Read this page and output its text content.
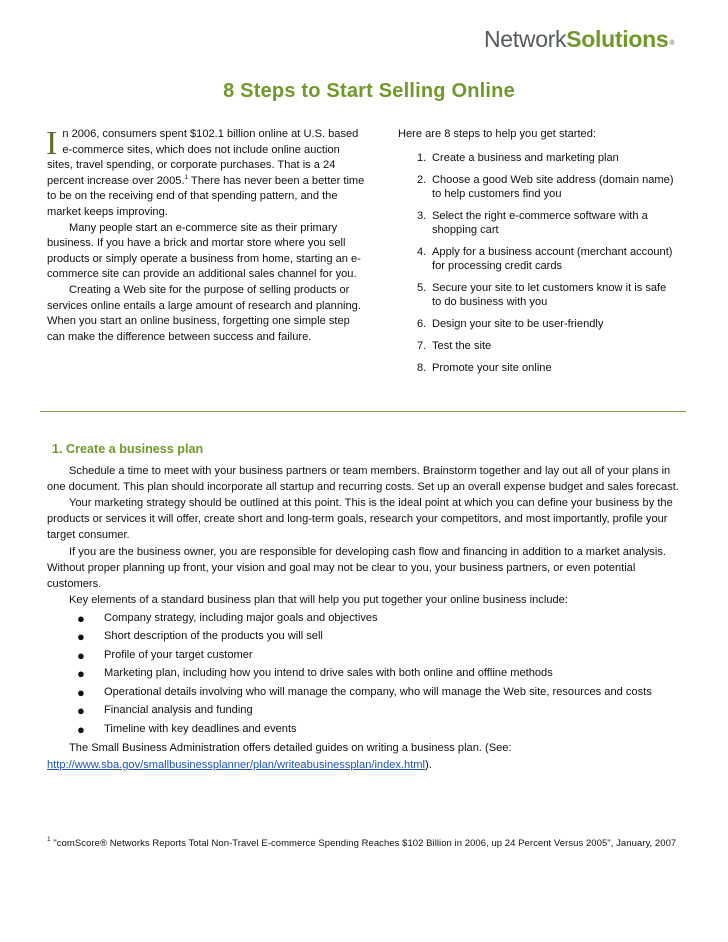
NetworkSolutions®
8 Steps to Start Selling Online

In 2006, consumers spent $102.1 billion online at U.S. based e-commerce sites, which does not include online auction sites, travel spending, or corporate purchases. That is a 24 percent increase over 2005.$^1$ There has never been a better time to be on the receiving end of that spending pattern, and the market keeps improving.

Many people start an e-commerce site as their primary business. If you have a brick and mortar store where you sell products or simply operate a business from home, starting an e-commerce site can provide an additional sales channel for you.

Creating a Web site for the purpose of selling products or services online entails a large amount of research and planning. When you start an online business, forgetting one simple step can make the difference between success and failure.

Here are 8 steps to help you get started:

1. Create a business and marketing plan
2. Choose a good Web site address (domain name) to help customers find you
3. Select the right e-commerce software with a shopping cart
4. Apply for a business account (merchant account) for processing credit cards
5. Secure your site to let customers know it is safe to do business with you
6. Design your site to be user-friendly
7. Test the site
8. Promote your site online
1. Create a business plan

Schedule a time to meet with your business partners or team members. Brainstorm together and lay out all of your plans in one document. This plan should incorporate all startup and recurring costs. Set up an overall expense budget and sales forecast.

Your marketing strategy should be outlined at this point. This is the ideal point at which you can define your business by the products or services it will offer, create short and long-term goals, research your competitors, and most importantly, profile your target consumer.

If you are the business owner, you are responsible for developing cash flow and financing in addition to a market analysis. Without proper planning up front, your vision and goal may not be clear to you, your business partners, or even potential customers.

Key elements of a standard business plan that will help you put together your online business include:

● Company strategy, including major goals and objectives
● Short description of the products you will sell
● Profile of your target customer
● Marketing plan, including how you intend to drive sales with both online and offline methods
● Operational details involving who will manage the company, who will manage the Web site, resources and costs
● Financial analysis and funding
● Timeline with key deadlines and events

The Small Business Administration offers detailed guides on writing a business plan. (See: http://www.sba.gov/smallbusinessplanner/plan/writeabusinessplan/index.html).

$^1$ "comScore® Networks Reports Total Non-Travel E-commerce Spending Reaches $102 Billion in 2006, up 24 Percent Versus 2005", January, 2007
